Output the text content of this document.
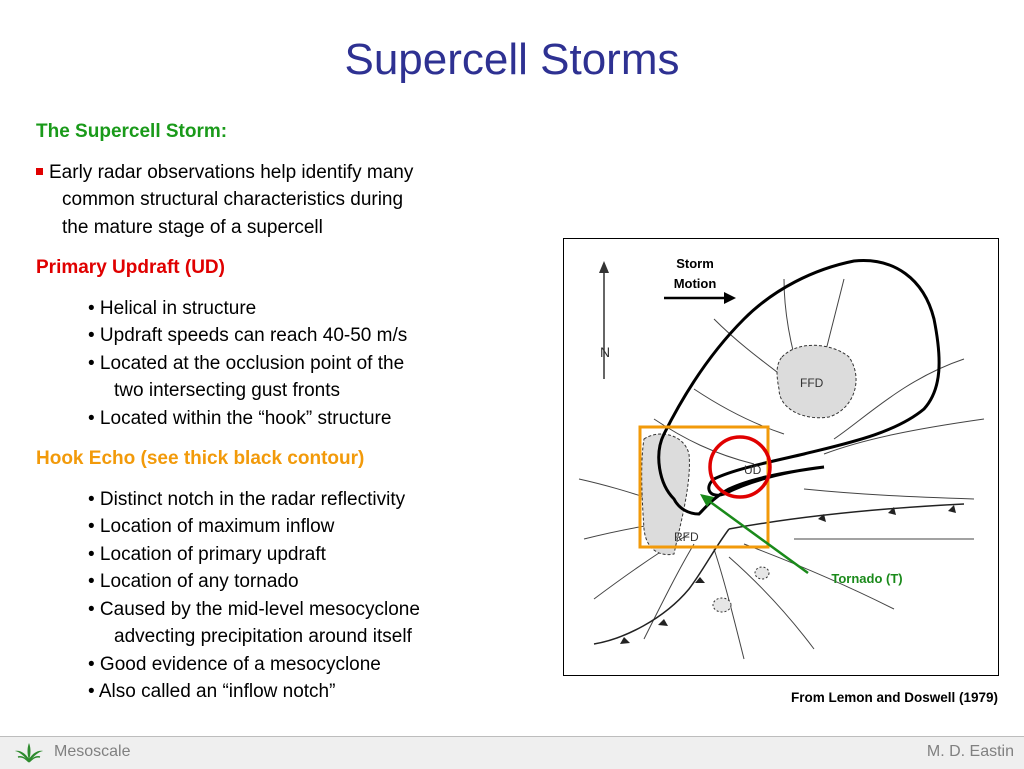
Supercell Storms

The Supercell Storm:

Early radar observations help identify many

common structural characteristics during

the mature stage of a supercell

Primary Updraft (UD)

• Helical in structure

• Updraft speeds can reach 40-50 m/s

• Located at the occlusion point of the

two intersecting gust fronts

• Located within the “hook” structure

Hook Echo (see thick black contour)

• Distinct notch in the radar reflectivity

• Location of maximum inflow

• Location of primary updraft

• Location of any tornado

• Caused by the mid-level mesocyclone

advecting precipitation around itself

• Good evidence of a mesocyclone

• Also called an “inflow notch”

N
FFD
RFD
UD
Storm
Motion
Tornado (T)
From Lemon and Doswell (1979)
Mesoscale	M. D. Eastin
